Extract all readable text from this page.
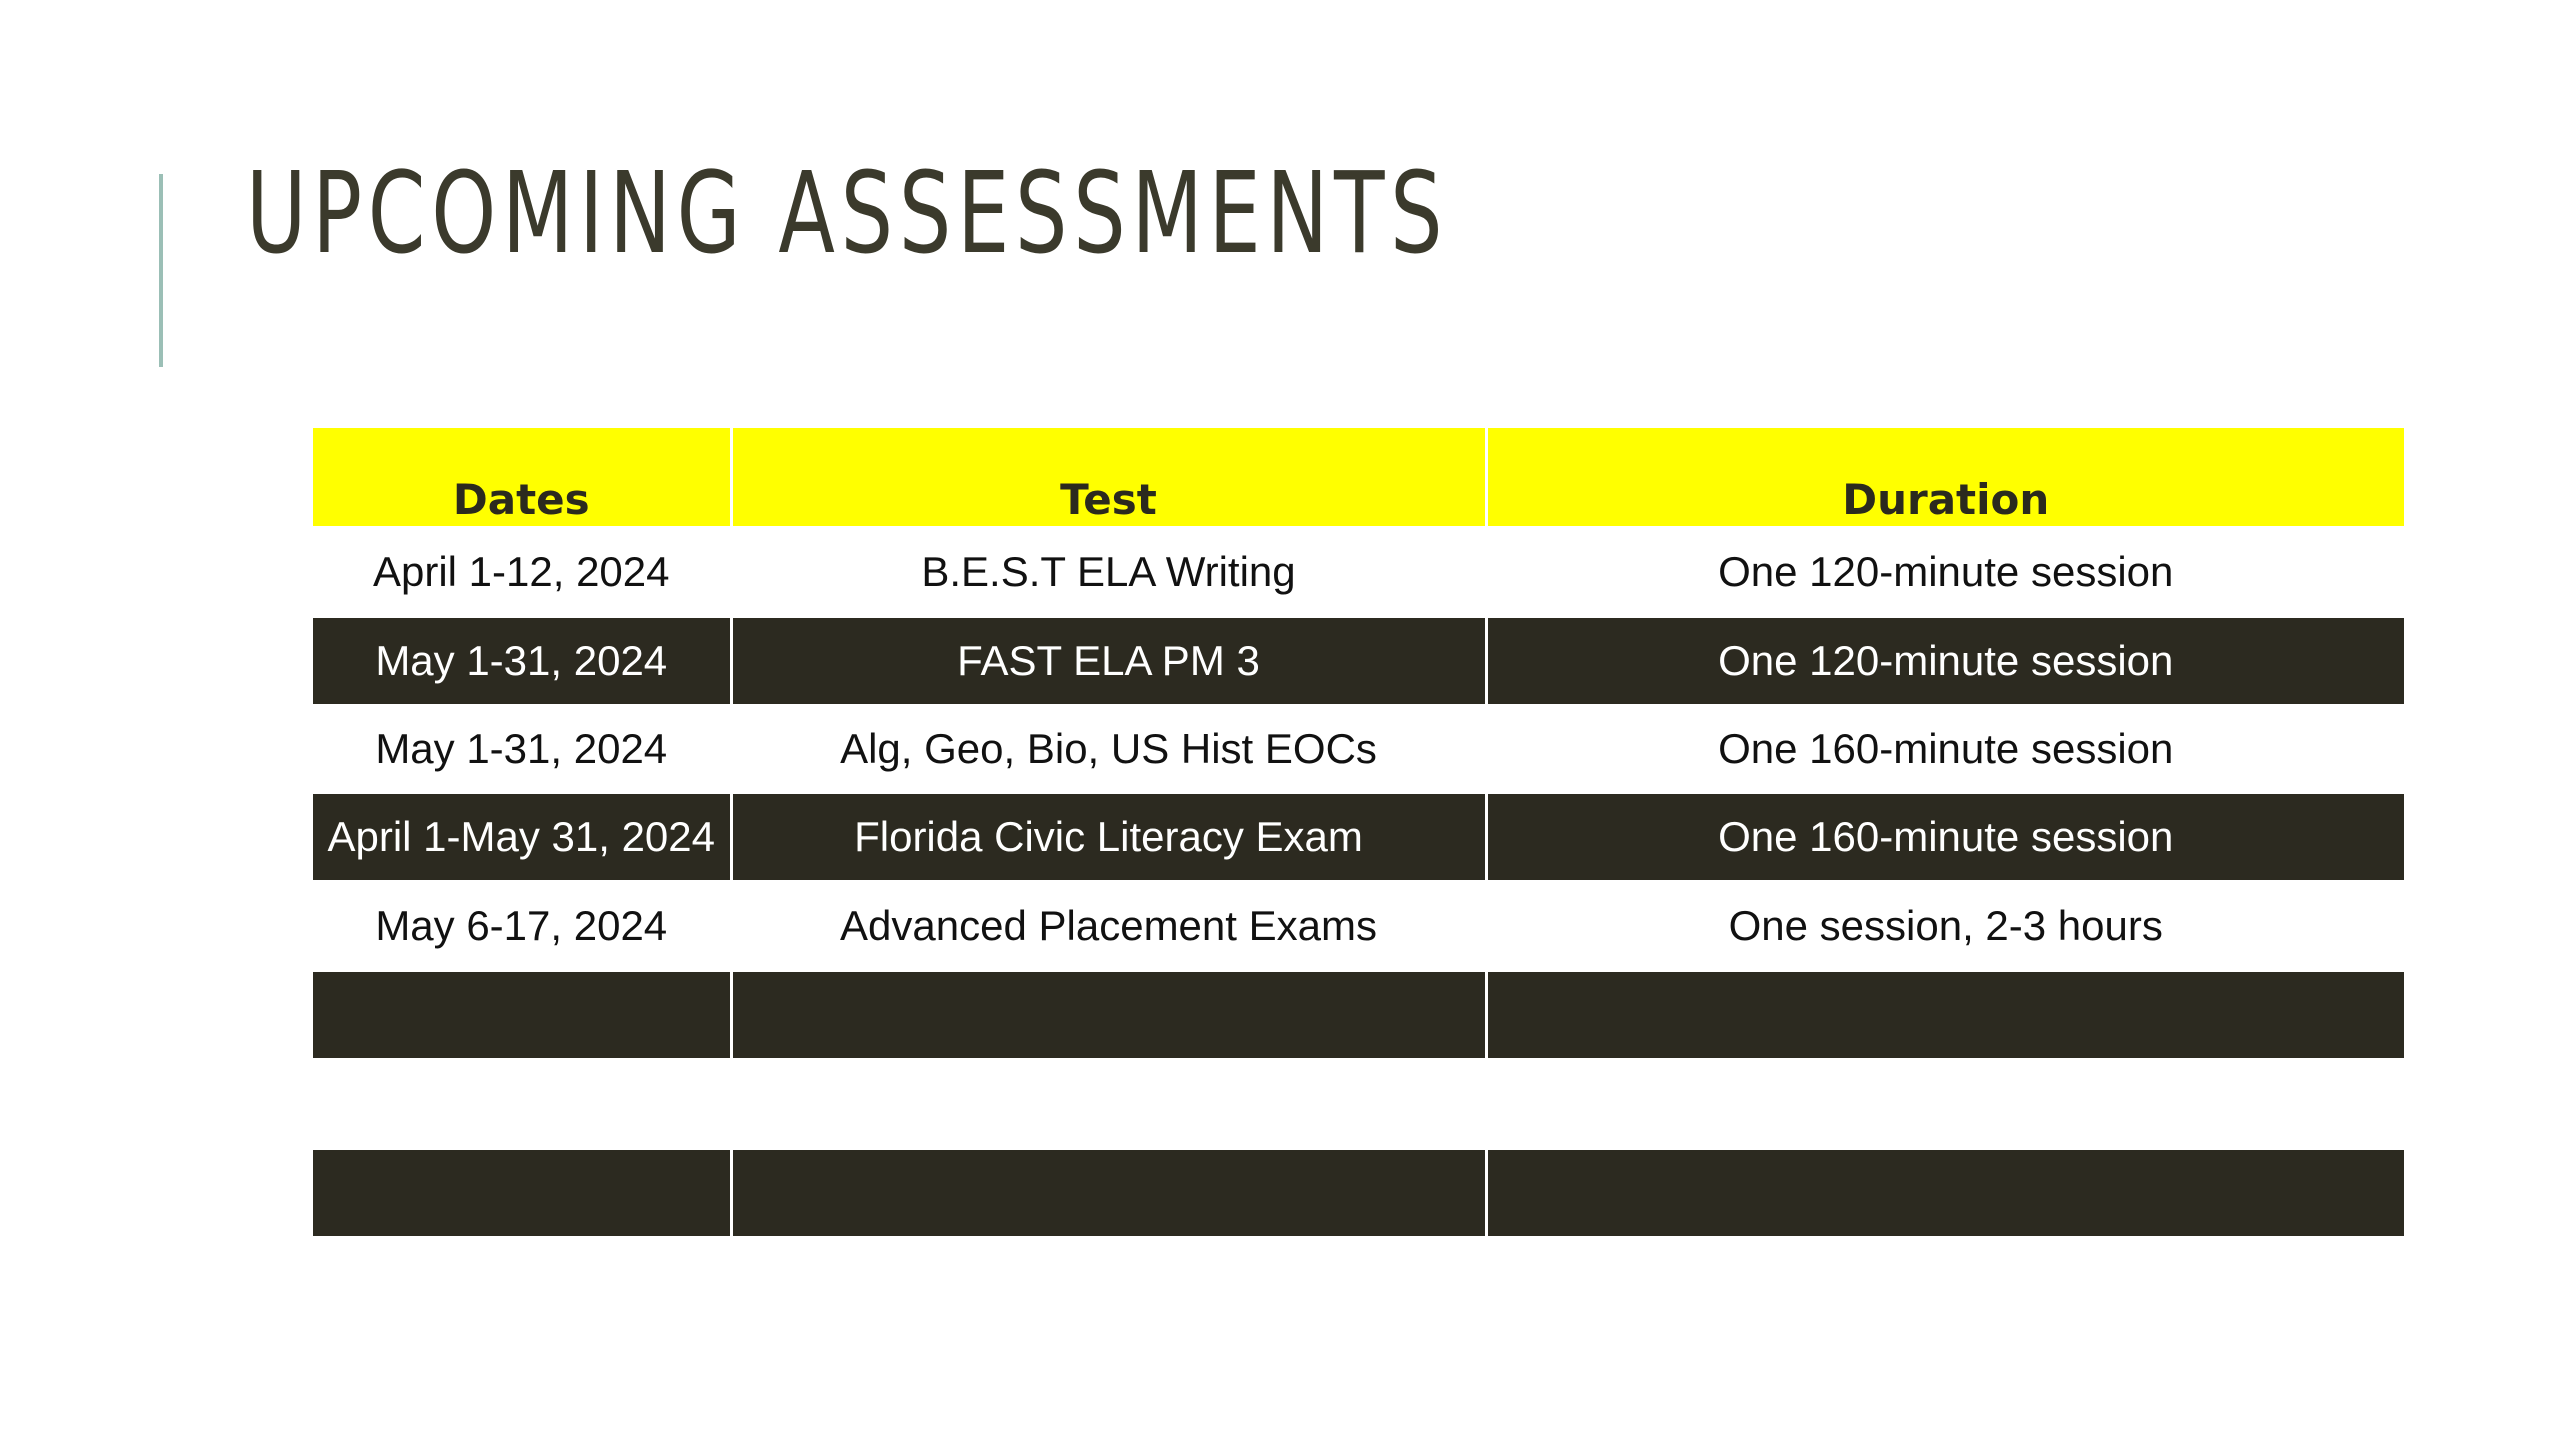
UPCOMING ASSESSMENTS
Dates	Test	Duration
April 1-12, 2024	B.E.S.T ELA Writing	One 120-minute session
May 1-31, 2024	FAST ELA PM 3	One 120-minute session
May 1-31, 2024	Alg, Geo, Bio, US Hist EOCs	One 160-minute session
April 1-May 31, 2024	Florida Civic Literacy Exam	One 160-minute session
May 6-17, 2024	Advanced Placement Exams	One session, 2-3 hours
